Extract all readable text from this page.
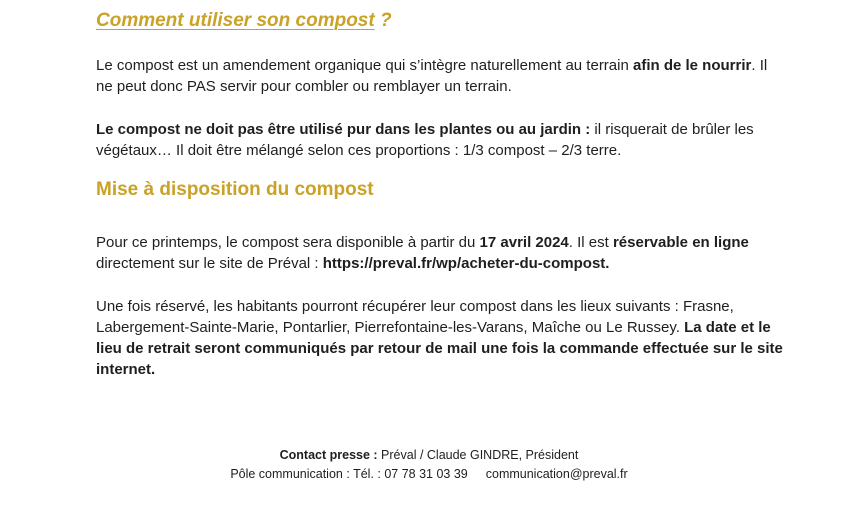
Comment utiliser son compost ?

Le compost est un amendement organique qui s’intègre naturellement au terrain afin de le nourrir. Il ne peut donc PAS servir pour combler ou remblayer un terrain.

Le compost ne doit pas être utilisé pur dans les plantes ou au jardin : il risquerait de brûler les végétaux… Il doit être mélangé selon ces proportions : 1/3 compost – 2/3 terre.

Mise à disposition du compost

Pour ce printemps, le compost sera disponible à partir du 17 avril 2024. Il est réservable en ligne directement sur le site de Préval : https://preval.fr/wp/acheter-du-compost.

Une fois réservé, les habitants pourront récupérer leur compost dans les lieux suivants : Frasne, Labergement-Sainte-Marie, Pontarlier, Pierrefontaine-les-Varans, Maîche ou Le Russey. La date et le lieu de retrait seront communiqués par retour de mail une fois la commande effectuée sur le site internet.

Contact presse : Préval / Claude GINDRE, Président
Pôle communication : Tél. : 07 78 31 03 39 communication@preval.fr
